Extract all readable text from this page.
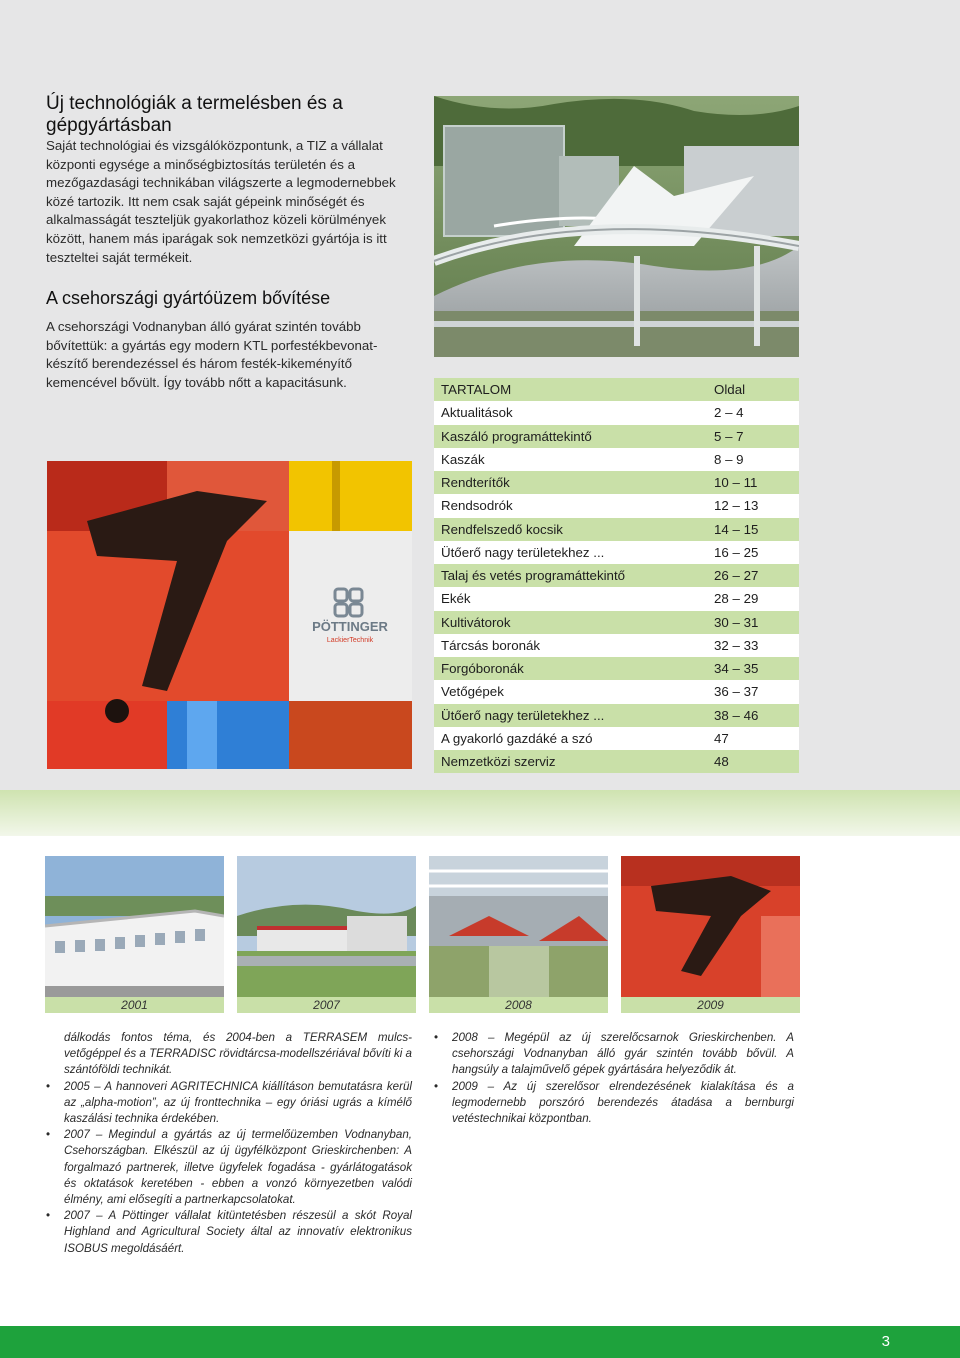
Új technológiák a termelésben és a gépgyártásban

Saját technológiai és vizsgálóközpontunk, a TIZ a vállalat központi egysége a minőségbiztosítás területén és a mezőgazdasági technikában világszerte a legmodernebbek közé tartozik. Itt nem csak saját gépeink minőségét és alkalmasságát teszteljük gyakorlathoz közeli körülmények között, hanem más iparágak sok nemzetközi gyártója is itt teszteltei saját termékeit.

A csehországi gyártóüzem bővítése

A csehországi Vodnanyban álló gyárat szintén tovább bővítettük: a gyártás egy modern KTL porfestékbevonat-készítő berendezéssel és három festék-kikeményítő kemencével bővült. Így tovább nőtt a kapacitásunk.

PÖTTINGER
LackierTechnik
TARTALOM	Oldal
Aktualitások	2 – 4
Kaszáló programáttekintő	5 – 7
Kaszák	8 – 9
Rendterítők	10 – 11
Rendsodrók	12 – 13
Rendfelszedő kocsik	14 – 15
Ütőerő nagy területekhez ...	16 – 25
Talaj és vetés programáttekintő	26 – 27
Ekék	28 – 29
Kultivátorok	30 – 31
Tárcsás boronák	32 – 33
Forgóboronák	34 – 35
Vetőgépek	36 – 37
Ütőerő nagy területekhez ...	38 – 46
A gyakorló gazdáké a szó	47
Nemzetközi szerviz	48
2001	2007	2008	2009

dálkodás fontos téma, és 2004-ben a TERRASEM mulcs-vetőgéppel és a TERRADISC rövidtárcsa-modellszériával bővíti ki a szántóföldi technikát.

• 2005 – A hannoveri AGRITECHNICA kiállításon bemutatásra kerül az „alpha-motion”, az új fronttechnika – egy óriási ugrás a kímélő kaszálási technika érdekében.
• 2007 – Megindul a gyártás az új termelőüzemben Vodnanyban, Csehországban. Elkészül az új ügyfélközpont Grieskirchenben: A forgalmazó partnerek, illetve ügyfelek fogadása - gyárlátogatások és oktatások keretében - ebben a vonzó környezetben valódi élmény, ami elősegíti a partnerkapcsolatokat.
• 2007 – A Pöttinger vállalat kitüntetésben részesül a skót Royal Highland and Agricultural Society által az innovatív elektronikus ISOBUS megoldásáért.
• 2008 – Megépül az új szerelőcsarnok Grieskirchenben. A csehországi Vodnanyban álló gyár szintén tovább bővül. A hangsúly a talajművelő gépek gyártására helyeződik át.
• 2009 – Az új szerelősor elrendezésének kialakítása és a legmodernebb porszóró berendezés átadása a bernburgi vetéstechnikai központban.
3
